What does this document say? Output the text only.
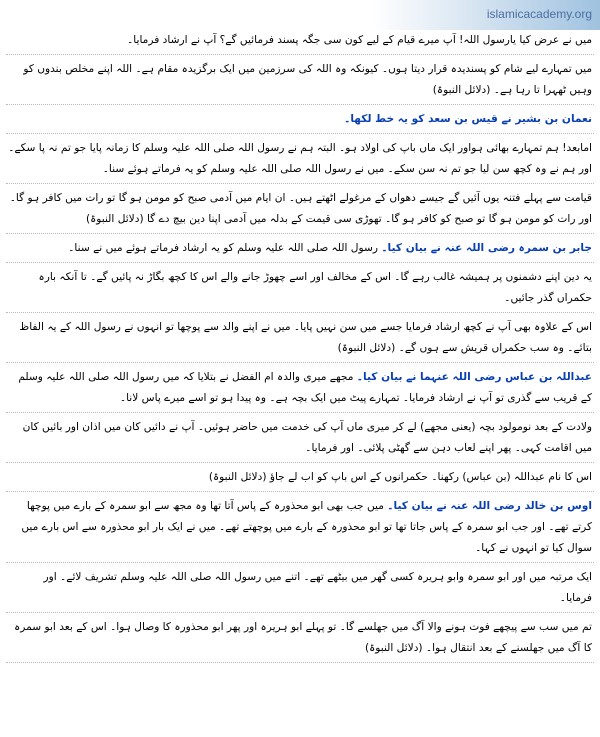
islamicacademy.org

میں نے عرض کیا یارسول اللہ! آپ میرے قیام کے لیے کون سی جگہ پسند فرمائیں گے؟ آپ نے ارشاد فرمایا۔

میں تمہارے لیے شام کو پسندیدہ قرار دیتا ہوں۔ کیونکہ وہ اللہ کی سرزمین میں ایک برگزیدہ مقام ہے۔ اللہ اپنے مخلص بندوں کو وہیں ٹھہرا تا رہا ہے۔ (دلائل النبوۃ)

نعمان بن بشیر نے قیس بن سعد کو یہ خط لکھا۔

امابعد! ہم تمہارے بھائی ہواور ایک ماں باپ کی اولاد ہو۔ البتہ ہم نے رسول اللہ صلی اللہ علیہ وسلم کا زمانہ پایا جو تم نہ پا سکے۔ اور ہم نے وہ کچھ سن لیا جو تم نہ سن سکے۔ میں نے رسول اللہ صلی اللہ علیہ وسلم کو یہ فرماتے ہوئے سنا۔

قیامت سے پہلے فتنہ یوں آئیں گے جیسے دھواں کے مرغولے اٹھتے ہیں۔ ان ایام میں آدمی صبح کو مومن ہو گا تو رات میں کافر ہو گا۔ اور رات کو مومن ہو گا تو صبح کو کافر ہو گا۔ تھوڑی سی قیمت کے بدلہ میں آدمی اپنا دین بیچ دے گا (دلائل النبوۃ)

جابر بن سمرہ رضی اللہ عنہ نے بیان کیا۔ رسول اللہ صلی اللہ علیہ وسلم کو یہ ارشاد فرماتے ہوئے میں نے سنا۔

یہ دین اپنے دشمنوں پر ہمیشہ غالب رہے گا۔ اس کے مخالف اور اسے چھوڑ جانے والے اس کا کچھ بگاڑ نہ پائیں گے۔ تا آنکہ بارہ حکمراں گذر جائیں۔

اس کے علاوہ بھی آپ نے کچھ ارشاد فرمایا جسے میں سن نہیں پایا۔ میں نے اپنے والد سے پوچھا تو انہوں نے رسول اللہ کے یہ الفاظ بتائے۔ وہ سب حکمراں قریش سے ہوں گے۔ (دلائل النبوۃ)

عبداللہ بن عباس رضی اللہ عنہما نے بیان کیا۔ مجھے میری والدہ ام الفضل نے بتلایا کہ میں رسول اللہ صلی اللہ علیہ وسلم کے قریب سے گذری تو آپ نے ارشاد فرمایا۔ تمہارے پیٹ میں ایک بچہ ہے۔ وہ پیدا ہو تو اسے میرے پاس لانا۔

ولادت کے بعد نومولود بچہ (یعنی مجھے) لے کر میری ماں آپ کی خدمت میں حاضر ہوئیں۔ آپ نے دائیں کان میں اذان اور بائیں کان میں اقامت کہی۔ پھر اپنے لعاب دہن سے گھٹی پلائی۔ اور فرمایا۔

اس کا نام عبداللہ (بن عباس) رکھنا۔ حکمرانوں کے اس باپ کو اب لے جاؤ (دلائل النبوۃ)

اوس بن خالد رضی اللہ عنہ نے بیان کیا۔ میں جب بھی ابو محذورہ کے پاس آتا تھا وہ مجھ سے ابو سمرہ کے بارے میں پوچھا کرتے تھے۔ اور جب ابو سمرہ کے پاس جاتا تھا تو ابو محذورہ کے بارے میں پوچھتے تھے۔ میں نے ایک بار ابو محذورہ سے اس بارے میں سوال کیا تو انہوں نے کہا۔

ایک مرتبہ میں اور ابو سمرہ وابو ہریرہ کسی گھر میں بیٹھے تھے۔ اتنے میں رسول اللہ صلی اللہ علیہ وسلم تشریف لائے۔ اور فرمایا۔

تم میں سب سے پیچھے فوت ہونے والا آگ میں جھلسے گا۔ تو پہلے ابو ہریرہ اور پھر ابو محذورہ کا وصال ہوا۔ اس کے بعد ابو سمرہ کا آگ میں جھلسنے کے بعد انتقال ہوا۔ (دلائل النبوۃ)
